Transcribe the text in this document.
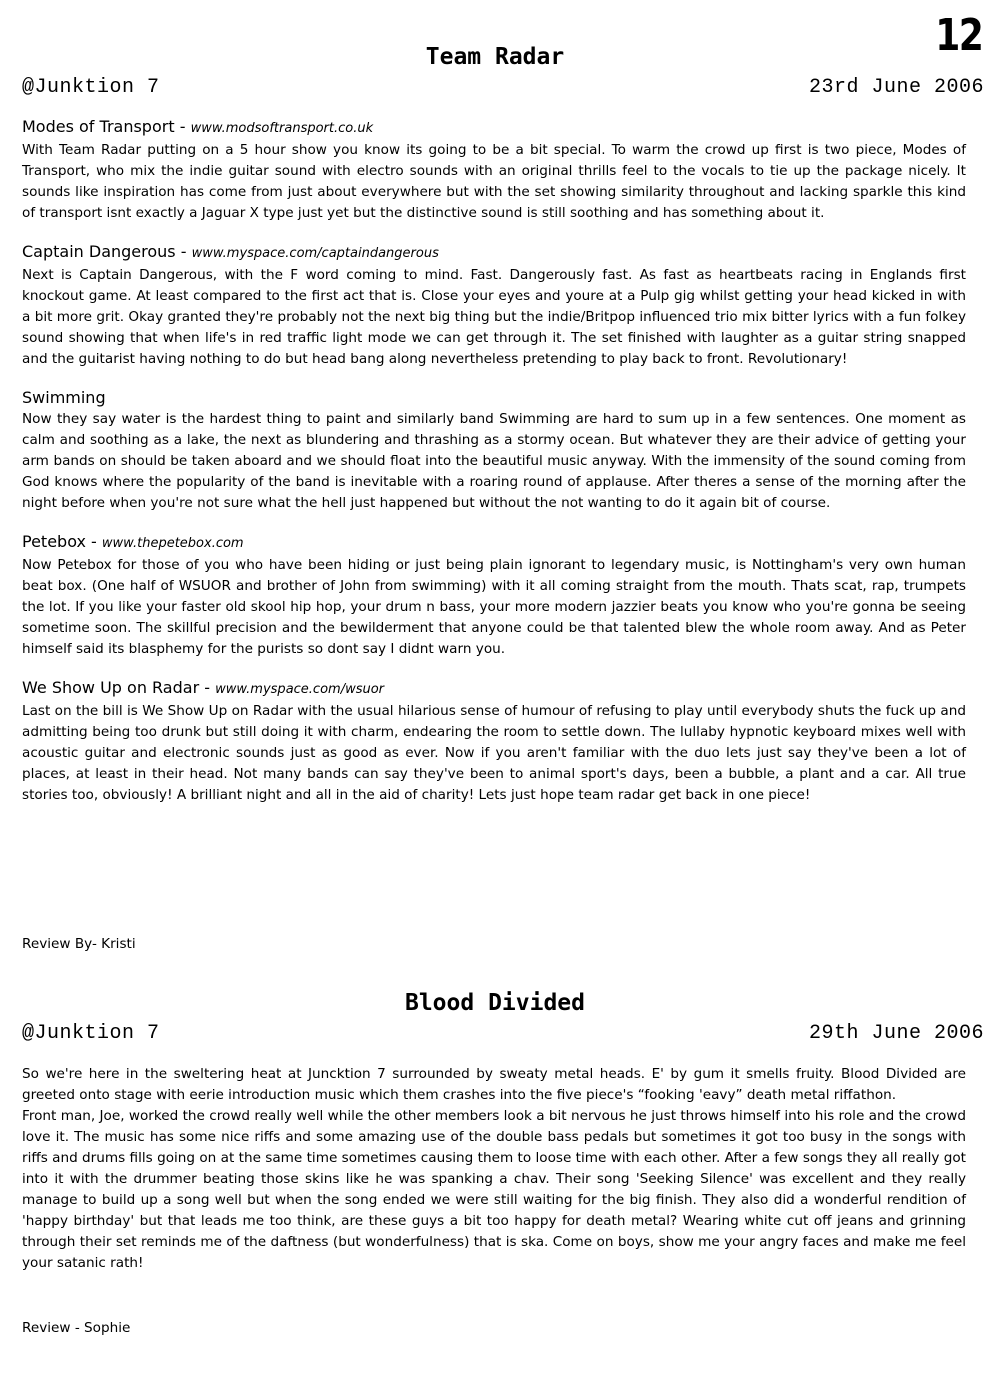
12
Team Radar
@Junktion 7	23rd June 2006
Modes of Transport - www.modsoftransport.co.uk

With Team Radar putting on a 5 hour show you know its going to be a bit special. To warm the crowd up first is two piece, Modes of Transport, who mix the indie guitar sound with electro sounds with an original thrills feel to the vocals to tie up the package nicely. It sounds like inspiration has come from just about everywhere but with the set showing similarity throughout and lacking sparkle this kind of transport isnt exactly a Jaguar X type just yet but the distinctive sound is still soothing and has something about it.

Captain Dangerous - www.myspace.com/captaindangerous

Next is Captain Dangerous, with the F word coming to mind. Fast. Dangerously fast. As fast as heartbeats racing in Englands first knockout game. At least compared to the first act that is. Close your eyes and youre at a Pulp gig whilst getting your head kicked in with a bit more grit. Okay granted they're probably not the next big thing but the indie/Britpop influenced trio mix bitter lyrics with a fun folkey sound showing that when life's in red traffic light mode we can get through it. The set finished with laughter as a guitar string snapped and the guitarist having nothing to do but head bang along nevertheless pretending to play back to front. Revolutionary!

Swimming

Now they say water is the hardest thing to paint and similarly band Swimming are hard to sum up in a few sentences. One moment as calm and soothing as a lake, the next as blundering and thrashing as a stormy ocean. But whatever they are their advice of getting your arm bands on should be taken aboard and we should float into the beautiful music anyway. With the immensity of the sound coming from God knows where the popularity of the band is inevitable with a roaring round of applause. After theres a sense of the morning after the night before when you're not sure what the hell just happened but without the not wanting to do it again bit of course.

Petebox - www.thepetebox.com

Now Petebox for those of you who have been hiding or just being plain ignorant to legendary music, is Nottingham's very own human beat box. (One half of WSUOR and brother of John from swimming) with it all coming straight from the mouth. Thats scat, rap, trumpets the lot. If you like your faster old skool hip hop, your drum n bass, your more modern jazzier beats you know who you're gonna be seeing sometime soon. The skillful precision and the bewilderment that anyone could be that talented blew the whole room away. And as Peter himself said its blasphemy for the purists so dont say I didnt warn you.

We Show Up on Radar - www.myspace.com/wsuor

Last on the bill is We Show Up on Radar with the usual hilarious sense of humour of refusing to play until everybody shuts the fuck up and admitting being too drunk but still doing it with charm, endearing the room to settle down. The lullaby hypnotic keyboard mixes well with acoustic guitar and electronic sounds just as good as ever. Now if you aren't familiar with the duo lets just say they've been a lot of places, at least in their head. Not many bands can say they've been to animal sport's days, been a bubble, a plant and a car. All true stories too, obviously! A brilliant night and all in the aid of charity! Lets just hope team radar get back in one piece!

Review By- Kristi
Blood Divided
@Junktion 7	29th June 2006

So we're here in the sweltering heat at Juncktion 7 surrounded by sweaty metal heads. E' by gum it smells fruity. Blood Divided are greeted onto stage with eerie introduction music which them crashes into the five piece's “fooking 'eavy” death metal riffathon.

Front man, Joe, worked the crowd really well while the other members look a bit nervous he just throws himself into his role and the crowd love it. The music has some nice riffs and some amazing use of the double bass pedals but sometimes it got too busy in the songs with riffs and drums fills going on at the same time sometimes causing them to loose time with each other. After a few songs they all really got into it with the drummer beating those skins like he was spanking a chav. Their song 'Seeking Silence' was excellent and they really manage to build up a song well but when the song ended we were still waiting for the big finish. They also did a wonderful rendition of 'happy birthday' but that leads me too think, are these guys a bit too happy for death metal? Wearing white cut off jeans and grinning through their set reminds me of the daftness (but wonderfulness) that is ska. Come on boys, show me your angry faces and make me feel your satanic rath!

Review - Sophie
